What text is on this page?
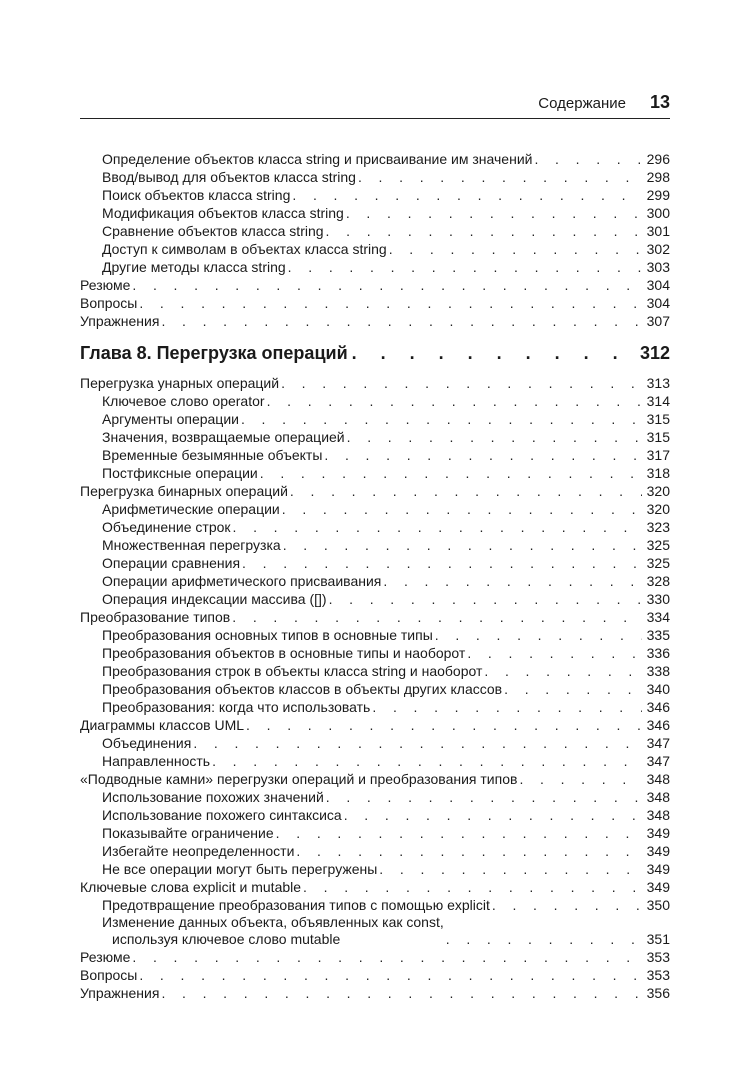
Содержание 13
Определение объектов класса string и присваивание им значений . . .	296
Ввод/вывод для объектов класса string . . .	298
Поиск объектов класса string . . .	299
Модификация объектов класса string . . .	300
Сравнение объектов класса string . . .	301
Доступ к символам в объектах класса string . . .	302
Другие методы класса string . . .	303
Резюме . . .	304
Вопросы . . .	304
Упражнения . . .	307
Глава 8. Перегрузка операций . . .	312
Перегрузка унарных операций . . .	313
Ключевое слово operator . . .	314
Аргументы операции . . .	315
Значения, возвращаемые операцией . . .	315
Временные безымянные объекты . . .	317
Постфиксные операции . . .	318
Перегрузка бинарных операций . . .	320
Арифметические операции . . .	320
Объединение строк . . .	323
Множественная перегрузка . . .	325
Операции сравнения . . .	325
Операции арифметического присваивания . . .	328
Операция индексации массива ([]) . . .	330
Преобразование типов . . .	334
Преобразования основных типов в основные типы . . .	335
Преобразования объектов в основные типы и наоборот . . .	336
Преобразования строк в объекты класса string и наоборот . . .	338
Преобразования объектов классов в объекты других классов . . .	340
Преобразования: когда что использовать . . .	346
Диаграммы классов UML . . .	346
Объединения . . .	347
Направленность . . .	347
«Подводные камни» перегрузки операций и преобразования типов . . .	348
Использование похожих значений . . .	348
Использование похожего синтаксиса . . .	348
Показывайте ограничение . . .	349
Избегайте неопределенности . . .	349
Не все операции могут быть перегружены . . .	349
Ключевые слова explicit и mutable . . .	349
Предотвращение преобразования типов с помощью explicit . . .	350
Изменение данных объекта, объявленных как const,
используя ключевое слово mutable . . .	351
Резюме . . .	353
Вопросы . . .	353
Упражнения . . .	356
